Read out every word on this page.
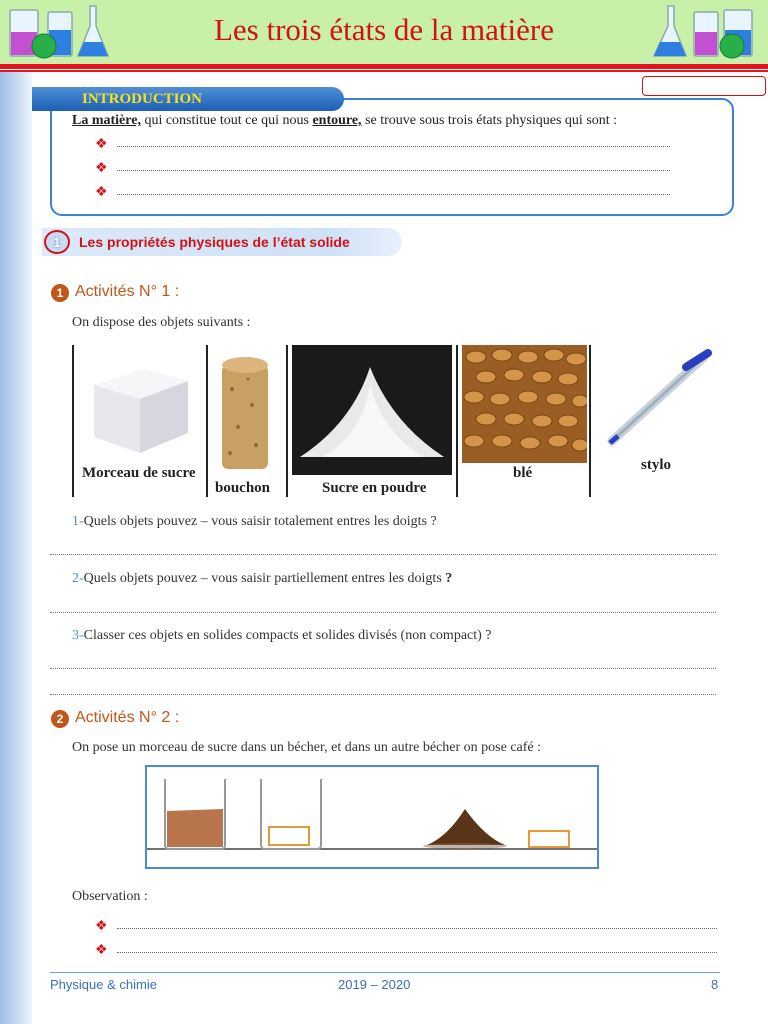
Les trois états de la matière
INTRODUCTION
La matière, qui constitue tout ce qui nous entoure, se trouve sous trois états physiques qui sont :
❖
❖
❖
1	Les propriétés physiques de l’état solide
1 Activités N° 1 :
On dispose des objets suivants :
Morceau de sucre
bouchon	Sucre en poudre
blé	stylo
1-Quels objets pouvez – vous saisir totalement entres les doigts ?
2-Quels objets pouvez – vous saisir partiellement entres les doigts ?
3-Classer ces objets en solides compacts et solides divisés (non compact) ?
2 Activités N° 2 :
On pose un morceau de sucre dans un bécher, et dans un autre bécher on pose café :
Observation :
❖
❖
Physique & chimie	2019 – 2020	8
